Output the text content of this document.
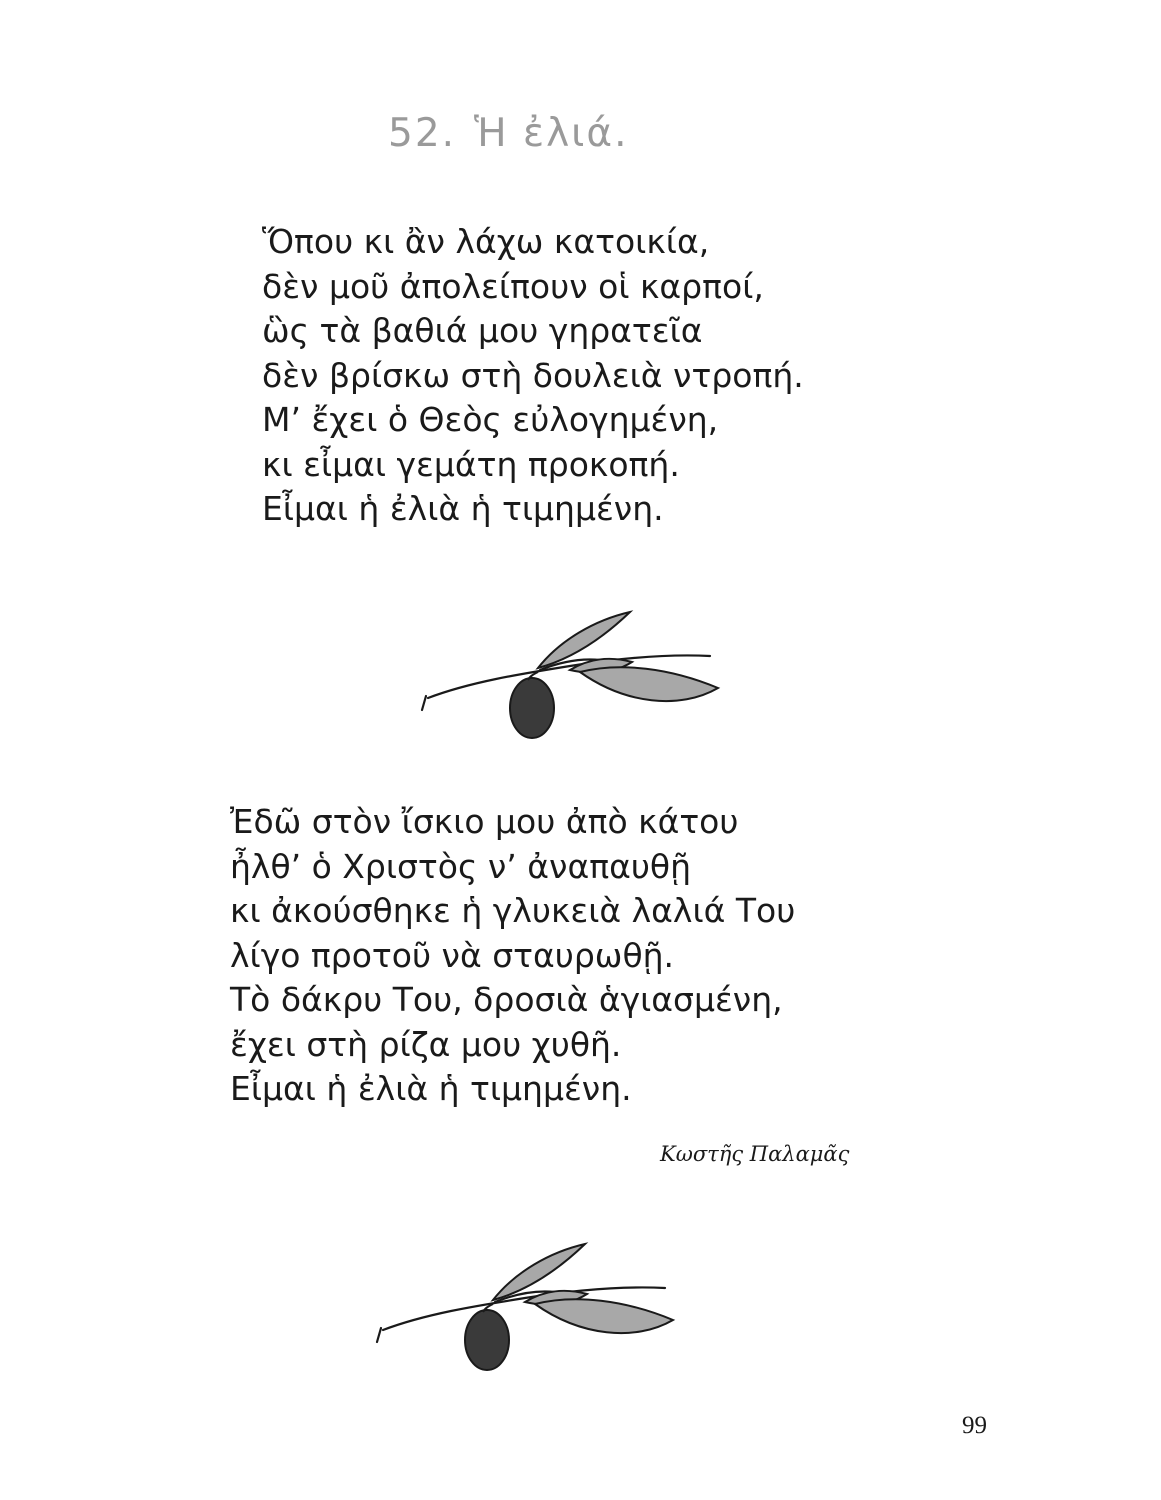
52. Ἡ ἐλιά.
Ὅπου κι ἂν λάχω κατοικία,
δὲν μοῦ ἀπολείπουν οἱ καρποί,
ὣς τὰ βαθιά μου γηρατεῖα
δὲν βρίσκω στὴ δουλειὰ ντροπή.
Μ’ ἔχει ὁ Θεὸς εὐλογημένη,
κι εἶμαι γεμάτη προκοπή.
Εἶμαι ἡ ἐλιὰ ἡ τιμημένη.
Ἐδῶ στὸν ἴσκιο μου ἀπὸ κάτου
ἦλθ’ ὁ Χριστὸς ν’ ἀναπαυθῇ
κι ἀκούσθηκε ἡ γλυκειὰ λαλιά Του
λίγο προτοῦ νὰ σταυρωθῇ.
Τὸ δάκρυ Του, δροσιὰ ἁγιασμένη,
ἔχει στὴ ρίζα μου χυθῆ.
Εἶμαι ἡ ἐλιὰ ἡ τιμημένη.
Κωστῆς Παλαμᾶς
99
